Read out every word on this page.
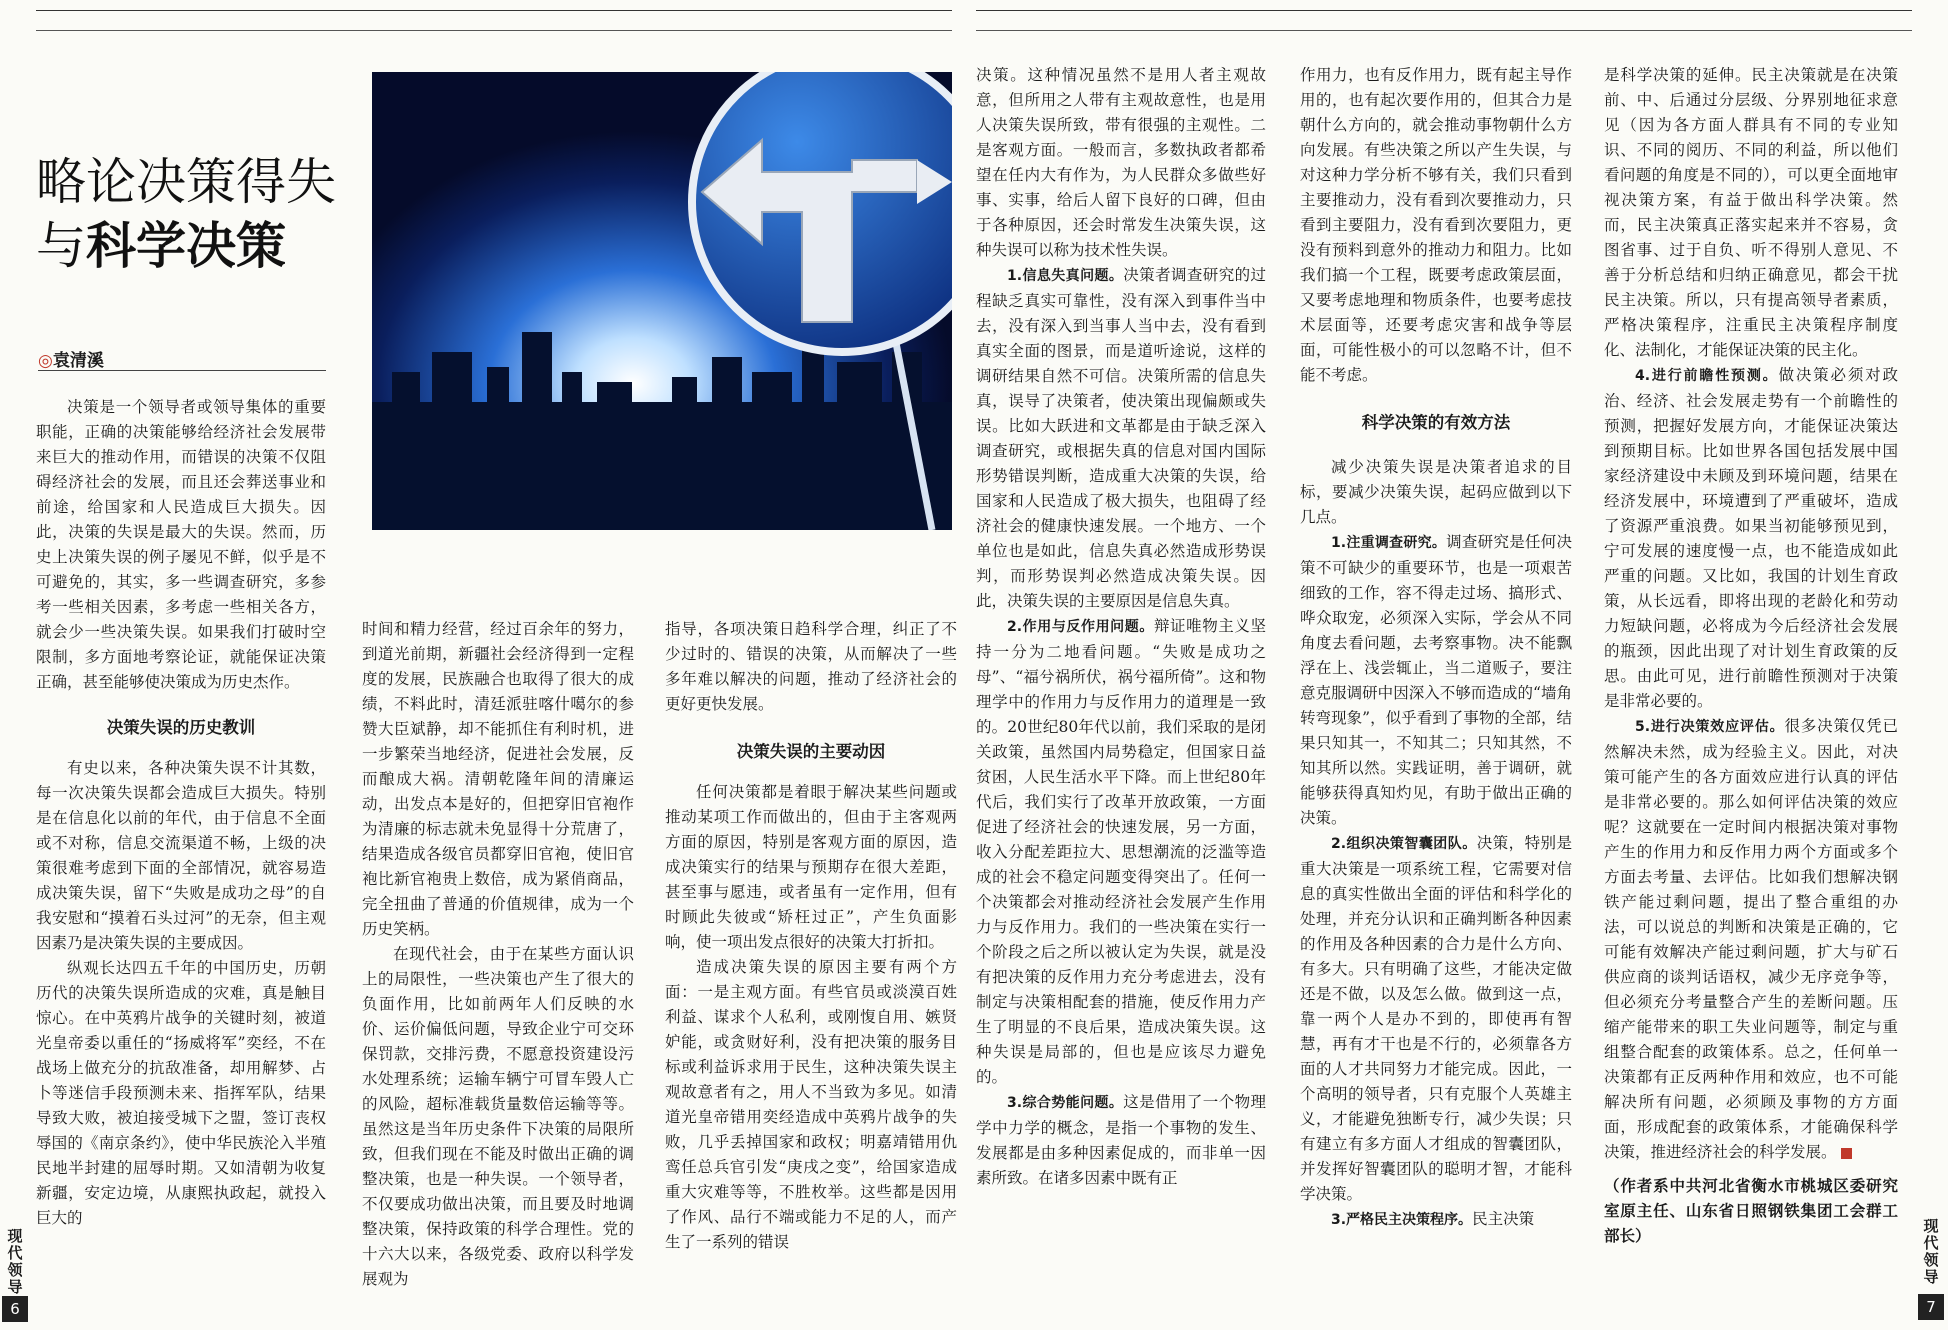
略论决策得失
与科学决策
◎袁清溪

决策是一个领导者或领导集体的重要职能，正确的决策能够给经济社会发展带来巨大的推动作用，而错误的决策不仅阻碍经济社会的发展，而且还会葬送事业和前途，给国家和人民造成巨大损失。因此，决策的失误是最大的失误。然而，历史上决策失误的例子屡见不鲜，似乎是不可避免的，其实，多一些调查研究，多参考一些相关因素，多考虑一些相关各方，就会少一些决策失误。如果我们打破时空限制，多方面地考察论证，就能保证决策正确，甚至能够使决策成为历史杰作。

决策失误的历史教训

有史以来，各种决策失误不计其数，每一次决策失误都会造成巨大损失。特别是在信息化以前的年代，由于信息不全面或不对称，信息交流渠道不畅，上级的决策很难考虑到下面的全部情况，就容易造成决策失误，留下“失败是成功之母”的自我安慰和“摸着石头过河”的无奈，但主观因素乃是决策失误的主要成因。

纵观长达四五千年的中国历史，历朝历代的决策失误所造成的灾难，真是触目惊心。在中英鸦片战争的关键时刻，被道光皇帝委以重任的“扬威将军”奕经，不在战场上做充分的抗敌准备，却用解梦、占卜等迷信手段预测未来、指挥军队，结果导致大败，被迫接受城下之盟，签订丧权辱国的《南京条约》，使中华民族沦入半殖民地半封建的屈辱时期。又如清朝为收复新疆，安定边境，从康熙执政起，就投入巨大的

时间和精力经营，经过百余年的努力，到道光前期，新疆社会经济得到一定程度的发展，民族融合也取得了很大的成绩，不料此时，清廷派驻喀什噶尔的参赞大臣斌静，却不能抓住有利时机，进一步繁荣当地经济，促进社会发展，反而酿成大祸。清朝乾隆年间的清廉运动，出发点本是好的，但把穿旧官袍作为清廉的标志就未免显得十分荒唐了，结果造成各级官员都穿旧官袍，使旧官袍比新官袍贵上数倍，成为紧俏商品，完全扭曲了普通的价值规律，成为一个历史笑柄。

在现代社会，由于在某些方面认识上的局限性，一些决策也产生了很大的负面作用，比如前两年人们反映的水价、运价偏低问题，导致企业宁可交环保罚款，交排污费，不愿意投资建设污水处理系统；运输车辆宁可冒车毁人亡的风险，超标准载货量数倍运输等等。虽然这是当年历史条件下决策的局限所致，但我们现在不能及时做出正确的调整决策，也是一种失误。一个领导者，不仅要成功做出决策，而且要及时地调整决策，保持政策的科学合理性。党的十六大以来，各级党委、政府以科学发展观为

指导，各项决策日趋科学合理，纠正了不少过时的、错误的决策，从而解决了一些多年难以解决的问题，推动了经济社会的更好更快发展。

决策失误的主要动因

任何决策都是着眼于解决某些问题或推动某项工作而做出的，但由于主客观两方面的原因，特别是客观方面的原因，造成决策实行的结果与预期存在很大差距，甚至事与愿违，或者虽有一定作用，但有时顾此失彼或“矫枉过正”，产生负面影响，使一项出发点很好的决策大打折扣。

造成决策失误的原因主要有两个方面：一是主观方面。有些官员或淡漠百姓利益、谋求个人私利，或刚愎自用、嫉贤妒能，或贪财好利，没有把决策的服务目标或利益诉求用于民生，这种决策失误主观故意者有之，用人不当致为多见。如清道光皇帝错用奕经造成中英鸦片战争的失败，几乎丢掉国家和政权；明嘉靖错用仇鸾任总兵官引发“庚戌之变”，给国家造成重大灾难等等，不胜枚举。这些都是因用了作风、品行不端或能力不足的人，而产生了一系列的错误

决策。这种情况虽然不是用人者主观故意，但所用之人带有主观故意性，也是用人决策失误所致，带有很强的主观性。二是客观方面。一般而言，多数执政者都希望在任内大有作为，为人民群众多做些好事、实事，给后人留下良好的口碑，但由于各种原因，还会时常发生决策失误，这种失误可以称为技术性失误。

1.信息失真问题。决策者调查研究的过程缺乏真实可靠性，没有深入到事件当中去，没有深入到当事人当中去，没有看到真实全面的图景，而是道听途说，这样的调研结果自然不可信。决策所需的信息失真，误导了决策者，使决策出现偏颇或失误。比如大跃进和文革都是由于缺乏深入调查研究，或根据失真的信息对国内国际形势错误判断，造成重大决策的失误，给国家和人民造成了极大损失，也阻碍了经济社会的健康快速发展。一个地方、一个单位也是如此，信息失真必然造成形势误判，而形势误判必然造成决策失误。因此，决策失误的主要原因是信息失真。

2.作用与反作用问题。辩证唯物主义坚持一分为二地看问题。“失败是成功之母”、“福兮祸所伏，祸兮福所倚”。这和物理学中的作用力与反作用力的道理是一致的。20世纪80年代以前，我们采取的是闭关政策，虽然国内局势稳定，但国家日益贫困，人民生活水平下降。而上世纪80年代后，我们实行了改革开放政策，一方面促进了经济社会的快速发展，另一方面，收入分配差距拉大、思想潮流的泛滥等造成的社会不稳定问题变得突出了。任何一个决策都会对推动经济社会发展产生作用力与反作用力。我们的一些决策在实行一个阶段之后之所以被认定为失误，就是没有把决策的反作用力充分考虑进去，没有制定与决策相配套的措施，使反作用力产生了明显的不良后果，造成决策失误。这种失误是局部的，但也是应该尽力避免的。

3.综合势能问题。这是借用了一个物理学中力学的概念，是指一个事物的发生、发展都是由多种因素促成的，而非单一因素所致。在诸多因素中既有正

作用力，也有反作用力，既有起主导作用的，也有起次要作用的，但其合力是朝什么方向的，就会推动事物朝什么方向发展。有些决策之所以产生失误，与对这种力学分析不够有关，我们只看到主要推动力，没有看到次要推动力，只看到主要阻力，没有看到次要阻力，更没有预料到意外的推动力和阻力。比如我们搞一个工程，既要考虑政策层面，又要考虑地理和物质条件，也要考虑技术层面等，还要考虑灾害和战争等层面，可能性极小的可以忽略不计，但不能不考虑。

科学决策的有效方法

减少决策失误是决策者追求的目标，要减少决策失误，起码应做到以下几点。

1.注重调查研究。调查研究是任何决策不可缺少的重要环节，也是一项艰苦细致的工作，容不得走过场、搞形式、哗众取宠，必须深入实际，学会从不同角度去看问题，去考察事物。决不能飘浮在上、浅尝辄止，当二道贩子，要注意克服调研中因深入不够而造成的“墙角转弯现象”，似乎看到了事物的全部，结果只知其一，不知其二；只知其然，不知其所以然。实践证明，善于调研，就能够获得真知灼见，有助于做出正确的决策。

2.组织决策智囊团队。决策，特别是重大决策是一项系统工程，它需要对信息的真实性做出全面的评估和科学化的处理，并充分认识和正确判断各种因素的作用及各种因素的合力是什么方向、有多大。只有明确了这些，才能决定做还是不做，以及怎么做。做到这一点，靠一两个人是办不到的，即使再有智慧，再有才干也是不行的，必须靠各方面的人才共同努力才能完成。因此，一个高明的领导者，只有克服个人英雄主义，才能避免独断专行，减少失误；只有建立有多方面人才组成的智囊团队，并发挥好智囊团队的聪明才智，才能科学决策。

3.严格民主决策程序。民主决策

是科学决策的延伸。民主决策就是在决策前、中、后通过分层级、分界别地征求意见（因为各方面人群具有不同的专业知识、不同的阅历、不同的利益，所以他们看问题的角度是不同的），可以更全面地审视决策方案，有益于做出科学决策。然而，民主决策真正落实起来并不容易，贪图省事、过于自负、听不得别人意见、不善于分析总结和归纳正确意见，都会干扰民主决策。所以，只有提高领导者素质，严格决策程序，注重民主决策程序制度化、法制化，才能保证决策的民主化。

4.进行前瞻性预测。做决策必须对政治、经济、社会发展走势有一个前瞻性的预测，把握好发展方向，才能保证决策达到预期目标。比如世界各国包括发展中国家经济建设中未顾及到环境问题，结果在经济发展中，环境遭到了严重破坏，造成了资源严重浪费。如果当初能够预见到，宁可发展的速度慢一点，也不能造成如此严重的问题。又比如，我国的计划生育政策，从长远看，即将出现的老龄化和劳动力短缺问题，必将成为今后经济社会发展的瓶颈，因此出现了对计划生育政策的反思。由此可见，进行前瞻性预测对于决策是非常必要的。

5.进行决策效应评估。很多决策仅凭已然解决未然，成为经验主义。因此，对决策可能产生的各方面效应进行认真的评估是非常必要的。那么如何评估决策的效应呢？这就要在一定时间内根据决策对事物产生的作用力和反作用力两个方面或多个方面去考量、去评估。比如我们想解决钢铁产能过剩问题，提出了整合重组的办法，可以说总的判断和决策是正确的，它可能有效解决产能过剩问题，扩大与矿石供应商的谈判话语权，减少无序竞争等，但必须充分考量整合产生的差断问题。压缩产能带来的职工失业问题等，制定与重组整合配套的政策体系。总之，任何单一决策都有正反两种作用和效应，也不可能解决所有问题，必须顾及事物的方方面面，形成配套的政策体系，才能确保科学决策，推进经济社会的科学发展。

（作者系中共河北省衡水市桃城区委研究室原主任、山东省日照钢铁集团工会群工部长）

现代领导
6
现代领导
7
